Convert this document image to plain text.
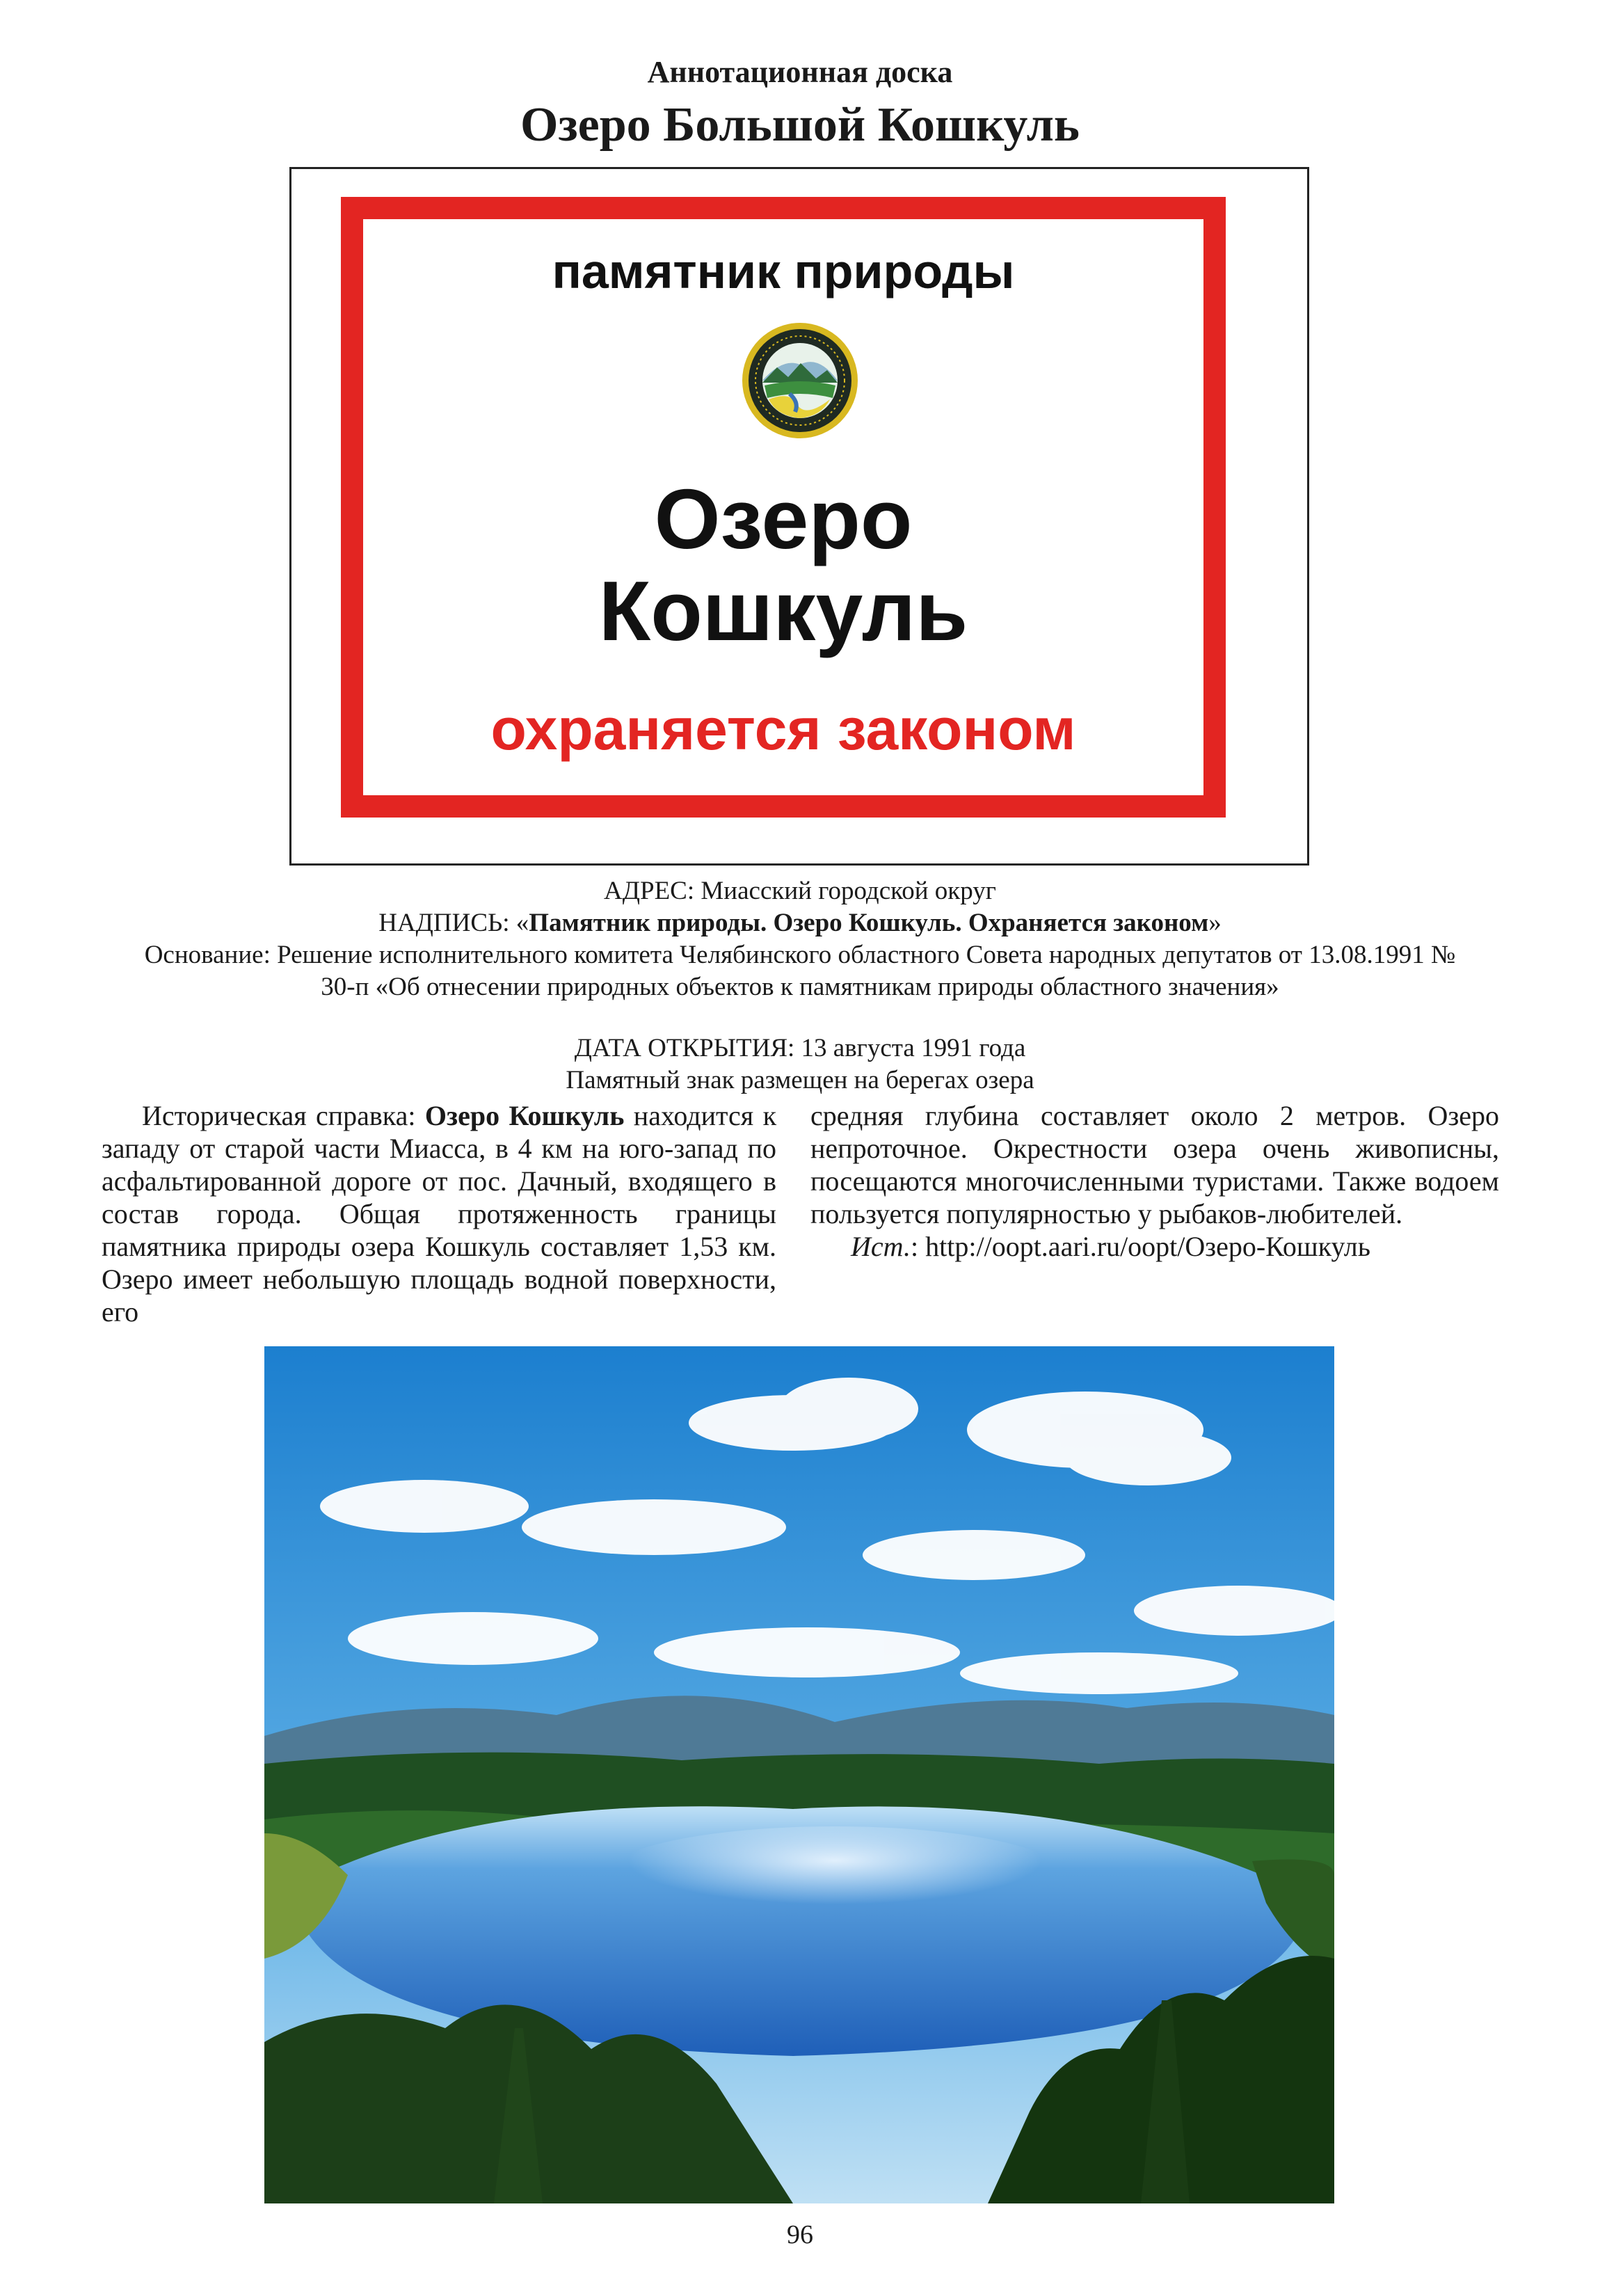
Аннотационная доска
Озеро Большой Кошкуль
памятник природы
Озеро
Кошкуль
охраняется законом
АДРЕС: Миасский городской округ
НАДПИСЬ: «Памятник природы. Озеро Кошкуль. Охраняется законом»
Основание: Решение исполнительного комитета Челябинского областного Совета народных депутатов от 13.08.1991 № 30-п «Об отнесении природных объектов к памятникам природы областного значения»
ДАТА ОТКРЫТИЯ: 13 августа 1991 года
Памятный знак размещен на берегах озера
Историческая справка: Озеро Кошкуль находится к западу от старой части Миасса, в 4 км на юго-запад по асфальтированной дороге от пос. Дачный, входящего в состав города. Общая протяженность границы памятника природы озера Кошкуль составляет 1,53 км. Озеро имеет небольшую площадь водной поверхности, его
средняя глубина составляет около 2 метров. Озеро непроточное. Окрестности озера очень живописны, посещаются многочисленными туристами. Также водоем пользуется популярностью у рыбаков-любителей.
Ист.: http://oopt.aari.ru/oopt/Озеро-Кошкуль
96
